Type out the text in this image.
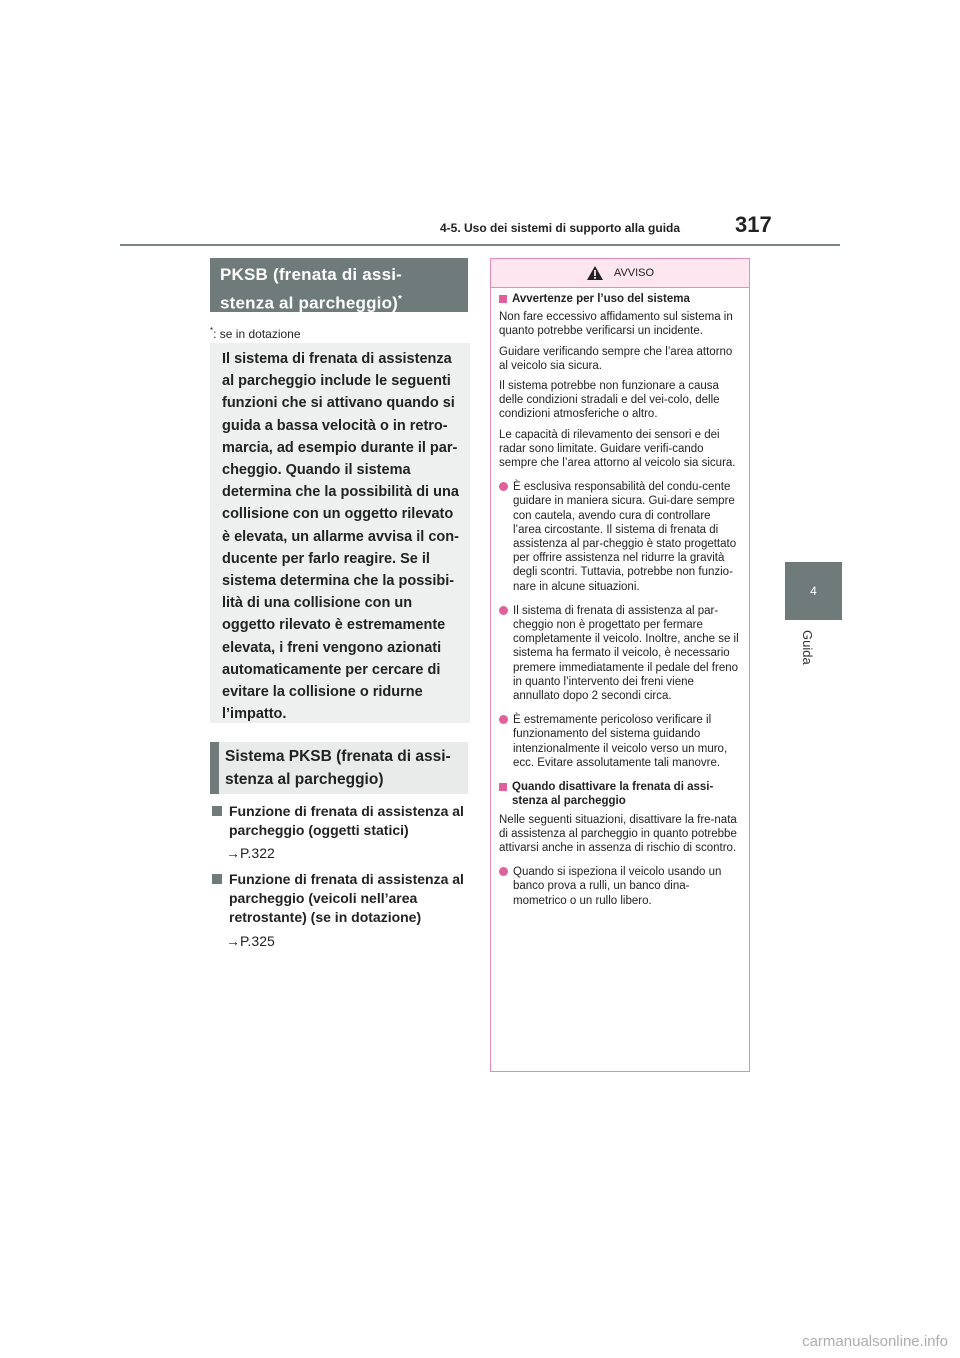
4-5. Uso dei sistemi di supporto alla guida 317
4
Guida
PKSB (frenata di assi-
stenza al parcheggio)*
*: se in dotazione
Il sistema di frenata di assistenza al parcheggio include le seguenti funzioni che si attivano quando si guida a bassa velocità o in retro-marcia, ad esempio durante il par-cheggio. Quando il sistema determina che la possibilità di una collisione con un oggetto rilevato è elevata, un allarme avvisa il con-ducente per farlo reagire. Se il sistema determina che la possibi-lità di una collisione con un oggetto rilevato è estremamente elevata, i freni vengono azionati automaticamente per cercare di evitare la collisione o ridurne l’impatto.
Sistema PKSB (frenata di assi-stenza al parcheggio)
Funzione di frenata di assistenza al parcheggio (oggetti statici)
→P.322
Funzione di frenata di assistenza al parcheggio (veicoli nell’area retrostante) (se in dotazione)
→P.325
AVVISO
Avvertenze per l’uso del sistema

Non fare eccessivo affidamento sul sistema in quanto potrebbe verificarsi un incidente.

Guidare verificando sempre che l’area attorno al veicolo sia sicura.

Il sistema potrebbe non funzionare a causa delle condizioni stradali e del vei-colo, delle condizioni atmosferiche o altro.

Le capacità di rilevamento dei sensori e dei radar sono limitate. Guidare verifi-cando sempre che l’area attorno al veicolo sia sicura.

È esclusiva responsabilità del condu-cente guidare in maniera sicura. Gui-dare sempre con cautela, avendo cura di controllare l’area circostante. Il sistema di frenata di assistenza al par-cheggio è stato progettato per offrire assistenza nel ridurre la gravità degli scontri. Tuttavia, potrebbe non funzio-nare in alcune situazioni.
Il sistema di frenata di assistenza al par-cheggio non è progettato per fermare completamente il veicolo. Inoltre, anche se il sistema ha fermato il veicolo, è necessario premere immediatamente il pedale del freno in quanto l’intervento dei freni viene annullato dopo 2 secondi circa.
È estremamente pericoloso verificare il funzionamento del sistema guidando intenzionalmente il veicolo verso un muro, ecc. Evitare assolutamente tali manovre.
Quando disattivare la frenata di assi-stenza al parcheggio

Nelle seguenti situazioni, disattivare la fre-nata di assistenza al parcheggio in quanto potrebbe attivarsi anche in assenza di rischio di scontro.

Quando si ispeziona il veicolo usando un banco prova a rulli, un banco dina-mometrico o un rullo libero.
carmanualsonline.info
